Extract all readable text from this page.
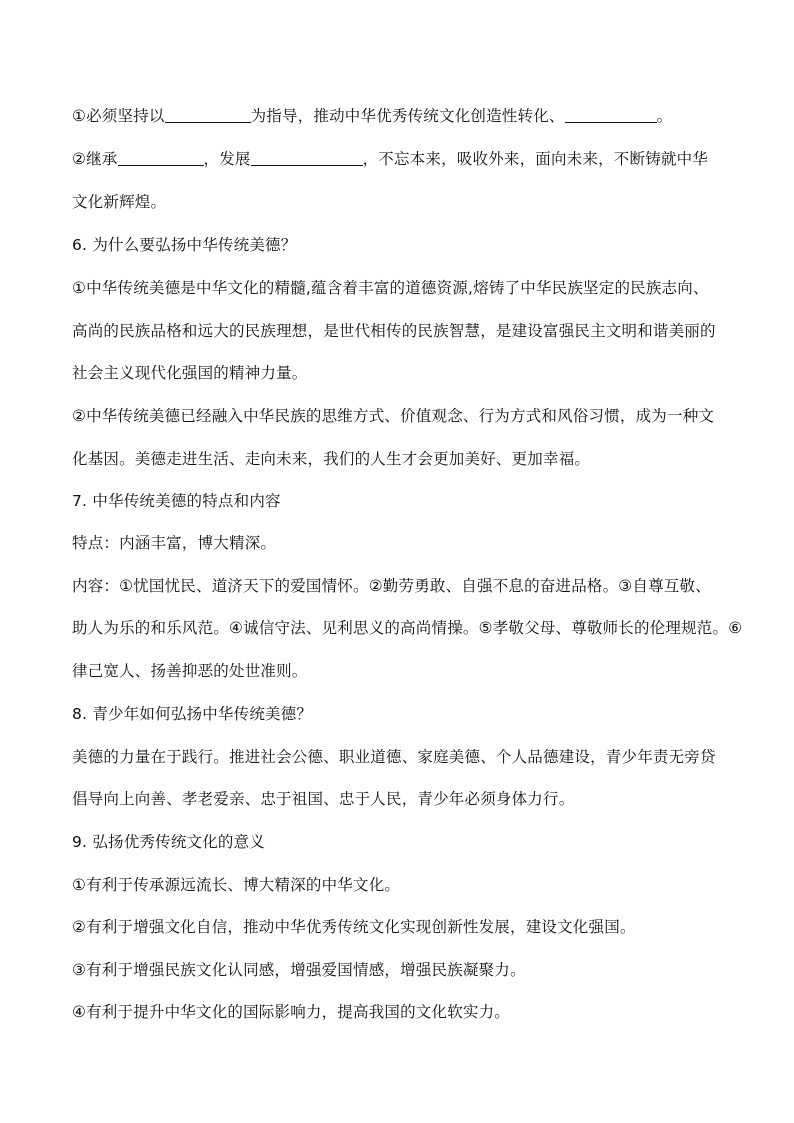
①必须坚持以	为指导，推动中华优秀传统文化创造性转化、	。
②继承	，发展	，不忘本来，吸收外来，面向未来，不断铸就中华
文化新辉煌。
6. 为什么要弘扬中华传统美德？
①中华传统美德是中华文化的精髓,蕴含着丰富的道德资源,熔铸了中华民族坚定的民族志向、
高尚的民族品格和远大的民族理想，是世代相传的民族智慧，是建设富强民主文明和谐美丽的
社会主义现代化强国的精神力量。
②中华传统美德已经融入中华民族的思维方式、价值观念、行为方式和风俗习惯，成为一种文
化基因。美德走进生活、走向未来，我们的人生才会更加美好、更加幸福。
7. 中华传统美德的特点和内容
特点：内涵丰富，博大精深。
内容：①忧国忧民、道济天下的爱国情怀。②勤劳勇敢、自强不息的奋进品格。③自尊互敬、
助人为乐的和乐风范。④诚信守法、见利思义的高尚情操。⑤孝敬父母、尊敬师长的伦理规范。⑥
律己宽人、扬善抑恶的处世准则。
8. 青少年如何弘扬中华传统美德？
美德的力量在于践行。推进社会公德、职业道德、家庭美德、个人品德建设，青少年责无旁贷
倡导向上向善、孝老爱亲、忠于祖国、忠于人民，青少年必须身体力行。
9. 弘扬优秀传统文化的意义
①有利于传承源远流长、博大精深的中华文化。
②有利于增强文化自信，推动中华优秀传统文化实现创新性发展，建设文化强国。
③有利于增强民族文化认同感，增强爱国情感，增强民族凝聚力。
④有利于提升中华文化的国际影响力，提高我国的文化软实力。
